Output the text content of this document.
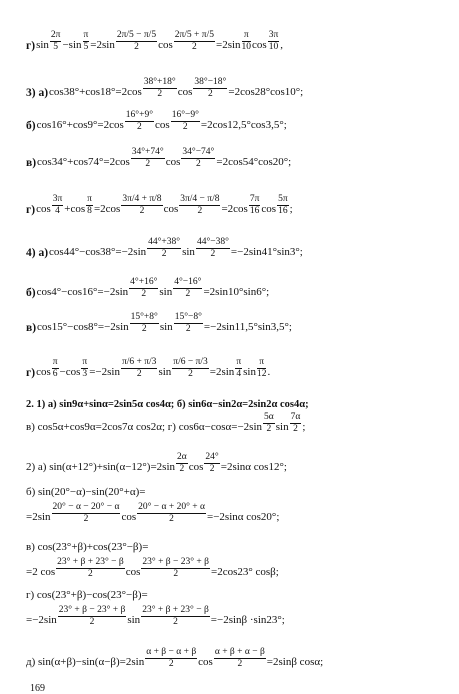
г) $\sin \frac{2\pi}{5} -\sin \frac{\pi}{5} =2\sin \frac{2\pi/5 - \pi/5}{2}$ $\cos \frac{2\pi/5 + \pi/5}{2} =2\sin \frac{\pi}{10}$ $\cos \frac{3\pi}{10}$ ,
3) а) $\cos 38^\circ+\cos 18^\circ=2\cos \frac{38^\circ+18^\circ}{2}$ $\cos \frac{38^\circ-18^\circ}{2} =2\cos 28^\circ\cos 10^\circ$;
б) $\cos 16^\circ+\cos 9^\circ=2\cos \frac{16^\circ+9^\circ}{2}$ $\cos \frac{16^\circ-9^\circ}{2} =2\cos 12,5^\circ\cos 3,5^\circ$;
в) $\cos 34^\circ+\cos 74^\circ=2\cos \frac{34^\circ+74^\circ}{2}$ $\cos \frac{34^\circ-74^\circ}{2} =2\cos 54^\circ\cos 20^\circ$;
г) $\cos \frac{3\pi}{4} +\cos \frac{\pi}{8} =2\cos \frac{3\pi/4 + \pi/8}{2}$ $\cos \frac{3\pi/4 - \pi/8}{2} =2\cos \frac{7\pi}{16}$ $\cos \frac{5\pi}{16}$ ;
4) а) $\cos 44^\circ-\cos 38^\circ=-2\sin \frac{44^\circ+38^\circ}{2}$ $\sin \frac{44^\circ-38^\circ}{2} =-2\sin 41^\circ\sin 3^\circ$;
б) $\cos 4^\circ-\cos 16^\circ=-2\sin \frac{4^\circ+16^\circ}{2}$ $\sin \frac{4^\circ-16^\circ}{2} =2\sin 10^\circ\sin 6^\circ$;
в) $\cos 15^\circ-\cos 8^\circ=-2\sin \frac{15^\circ+8^\circ}{2}$ $\sin \frac{15^\circ-8^\circ}{2} =-2\sin 11,5^\circ\sin 3,5^\circ$;
г) $\cos \frac{\pi}{6} -\cos \frac{\pi}{3} =-2\sin \frac{\pi/6 + \pi/3}{2}$ $\sin \frac{\pi/6 - \pi/3}{2} =2\sin \frac{\pi}{4}$ $\sin \frac{\pi}{12}$ .
2. 1) а) sin9α+sinα=2sin5α cos4α; б) sin6α−sin2α=2sin2α cos4α;
в) cos5α+cos9α=2cos7α cos2α; г) $\cos 6\alpha-\cos\alpha=-2\sin \frac{5\alpha}{2}$ $\sin \frac{7\alpha}{2}$ ;
2) а) $\sin(\alpha+12^\circ)+\sin(\alpha-12^\circ)=2\sin \frac{2\alpha}{2}$ $\cos \frac{24^\circ}{2} =2\sin\alpha$ cos12°;
б) sin(20°−α)−sin(20°+α)=
$=2\sin \frac{20^\circ - \alpha - 20^\circ - \alpha}{2}$ $\cos \frac{20^\circ - \alpha + 20^\circ + \alpha}{2} =-2\sin\alpha$ cos20°;
в) cos(23°+β)+cos(23°−β)=
=2 $\cos \frac{23^\circ + \beta + 23^\circ - \beta}{2}$ $\cos \frac{23^\circ + \beta - 23^\circ + \beta}{2} =2\cos 23^\circ$ cosβ;
г) cos(23°+β)−cos(23°−β)=
$=-2\sin \frac{23^\circ + \beta - 23^\circ + \beta}{2}$ $\sin \frac{23^\circ + \beta + 23^\circ - \beta}{2} =-2\sin\beta \cdot\sin 23^\circ$;
д) $\sin(\alpha+\beta)-\sin(\alpha-\beta)=2\sin \frac{\alpha + \beta - \alpha + \beta}{2}$ $\cos \frac{\alpha + \beta + \alpha - \beta}{2} =2\sin\beta$ cosα;
169
